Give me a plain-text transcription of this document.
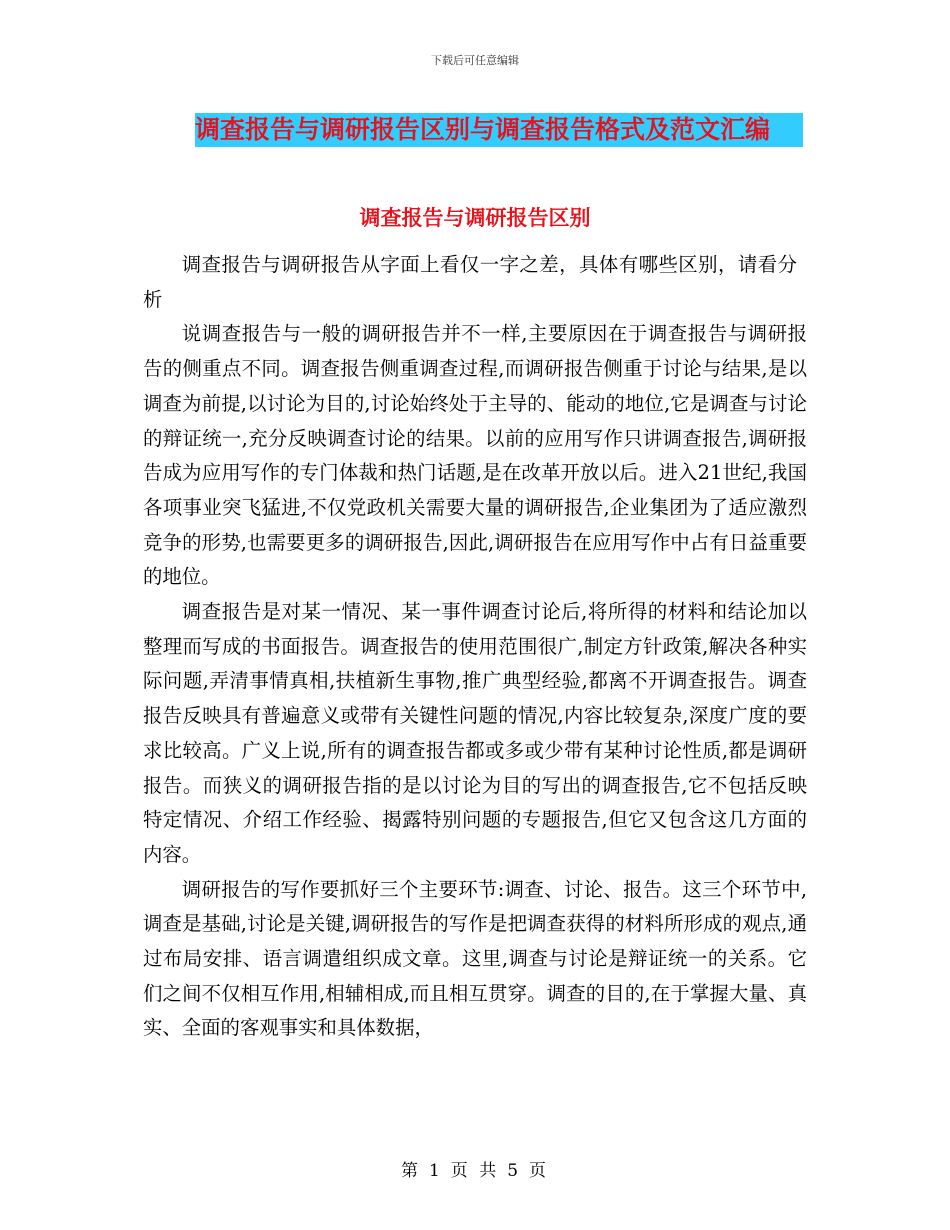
下载后可任意编辑
调查报告与调研报告区别与调查报告格式及范文汇编
调查报告与调研报告区别

调查报告与调研报告从字面上看仅一字之差，具体有哪些区别，请看分析

说调查报告与一般的调研报告并不一样,主要原因在于调查报告与调研报告的侧重点不同。调查报告侧重调查过程,而调研报告侧重于讨论与结果,是以调查为前提,以讨论为目的,讨论始终处于主导的、能动的地位,它是调查与讨论的辩证统一,充分反映调查讨论的结果。以前的应用写作只讲调查报告,调研报告成为应用写作的专门体裁和热门话题,是在改革开放以后。进入21世纪,我国各项事业突飞猛进,不仅党政机关需要大量的调研报告,企业集团为了适应激烈竞争的形势,也需要更多的调研报告,因此,调研报告在应用写作中占有日益重要的地位。

调查报告是对某一情况、某一事件调查讨论后,将所得的材料和结论加以整理而写成的书面报告。调查报告的使用范围很广,制定方针政策,解决各种实际问题,弄清事情真相,扶植新生事物,推广典型经验,都离不开调查报告。调查报告反映具有普遍意义或带有关键性问题的情况,内容比较复杂,深度广度的要求比较高。广义上说,所有的调查报告都或多或少带有某种讨论性质,都是调研报告。而狭义的调研报告指的是以讨论为目的写出的调查报告,它不包括反映特定情况、介绍工作经验、揭露特别问题的专题报告,但它又包含这几方面的内容。

调研报告的写作要抓好三个主要环节:调查、讨论、报告。这三个环节中,调查是基础,讨论是关键,调研报告的写作是把调查获得的材料所形成的观点,通过布局安排、语言调遣组织成文章。这里,调查与讨论是辩证统一的关系。它们之间不仅相互作用,相辅相成,而且相互贯穿。调查的目的,在于掌握大量、真实、全面的客观事实和具体数据，

第 1 页 共 5 页
